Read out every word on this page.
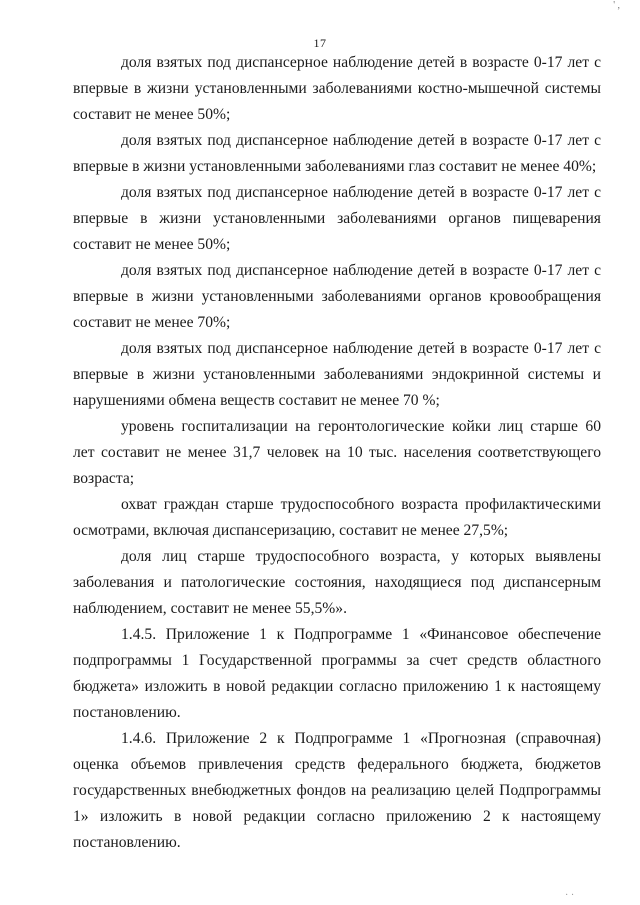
' ,
17

доля взятых под диспансерное наблюдение детей в возрасте 0-17 лет с впервые в жизни установленными заболеваниями костно-мышечной системы составит не менее 50%;

доля взятых под диспансерное наблюдение детей в возрасте 0-17 лет с впервые в жизни установленными заболеваниями глаз составит не менее 40%;

доля взятых под диспансерное наблюдение детей в возрасте 0-17 лет с впервые в жизни установленными заболеваниями органов пищеварения составит не менее 50%;

доля взятых под диспансерное наблюдение детей в возрасте 0-17 лет с впервые в жизни установленными заболеваниями органов кровообращения составит не менее 70%;

доля взятых под диспансерное наблюдение детей в возрасте 0-17 лет с впервые в жизни установленными заболеваниями эндокринной системы и нарушениями обмена веществ составит не менее 70 %;

уровень госпитализации на геронтологические койки лиц старше 60 лет составит не менее 31,7 человек на 10 тыс. населения соответствующего возраста;

охват граждан старше трудоспособного возраста профилактическими осмотрами, включая диспансеризацию, составит не менее 27,5%;

доля лиц старше трудоспособного возраста, у которых выявлены заболевания и патологические состояния, находящиеся под диспансерным наблюдением, составит не менее 55,5%».

1.4.5. Приложение 1 к Подпрограмме 1 «Финансовое обеспечение подпрограммы 1 Государственной программы за счет средств областного бюджета» изложить в новой редакции согласно приложению 1 к настоящему постановлению.

1.4.6. Приложение 2 к Подпрограмме 1 «Прогнозная (справочная) оценка объемов привлечения средств федерального бюджета, бюджетов государственных внебюджетных фондов на реализацию целей Подпрограммы 1» изложить в новой редакции согласно приложению 2 к настоящему постановлению.

· ·
